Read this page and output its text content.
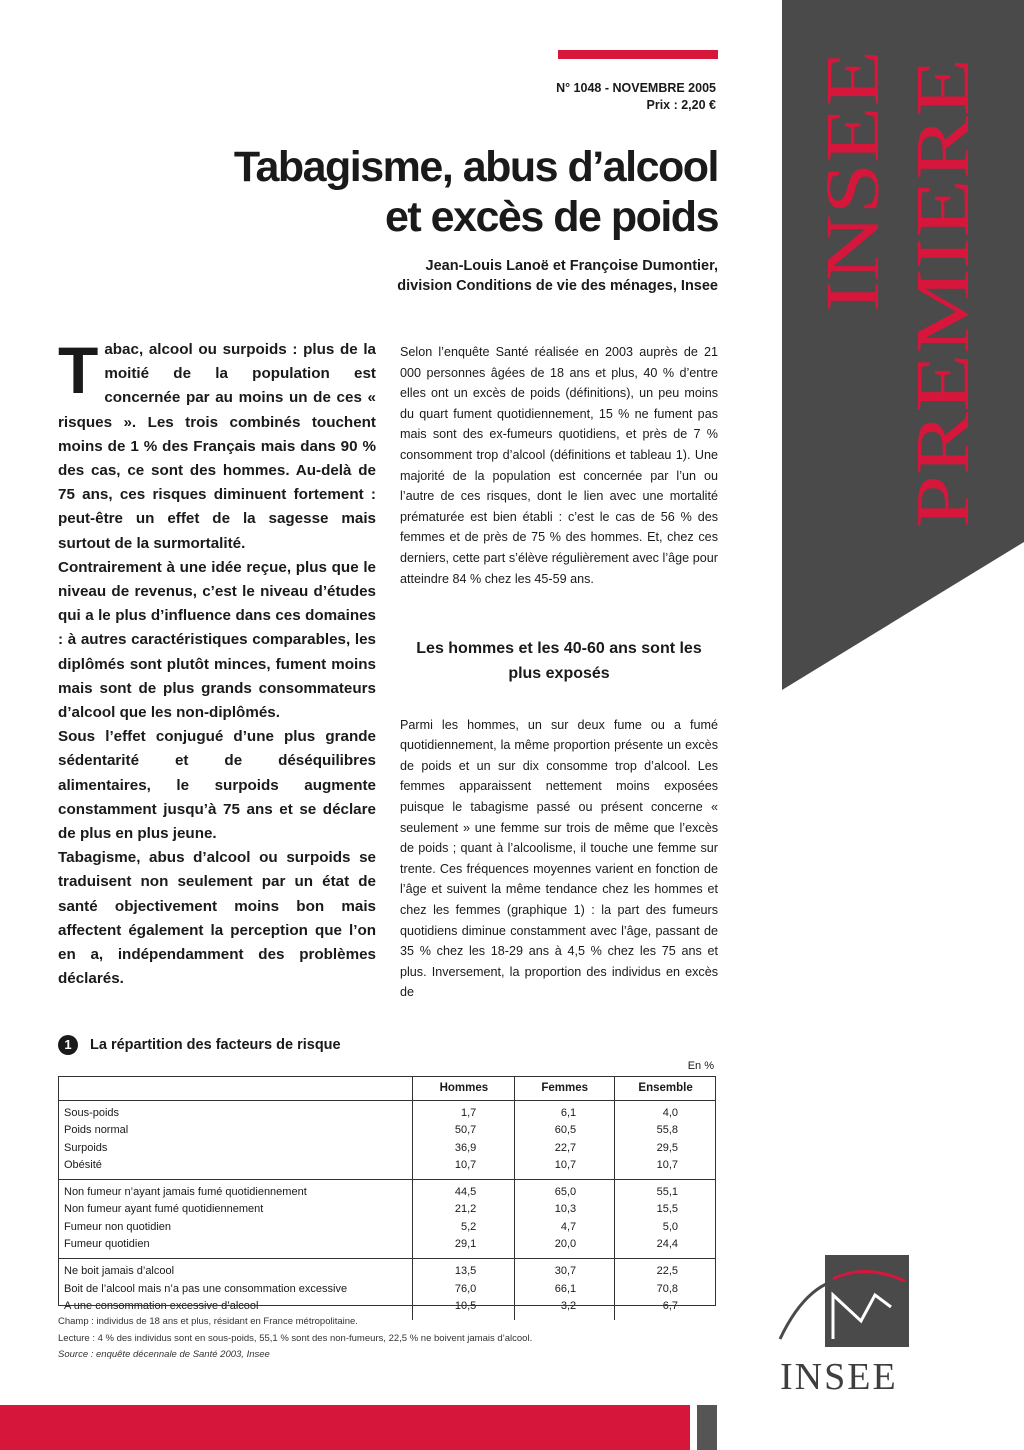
N° 1048 - NOVEMBRE 2005
Prix : 2,20 €
Tabagisme, abus d’alcool
et excès de poids
Jean-Louis Lanoë et Françoise Dumontier,
division Conditions de vie des ménages, Insee INSEE PREMIERE

Tabac, alcool ou surpoids : plus de la moitié de la population est concernée par au moins un de ces « risques ». Les trois combinés touchent moins de 1 % des Français mais dans 90 % des cas, ce sont des hommes. Au-delà de 75 ans, ces risques diminuent fortement : peut-être un effet de la sagesse mais surtout de la surmortalité.

Contrairement à une idée reçue, plus que le niveau de revenus, c’est le niveau d’études qui a le plus d’influence dans ces domaines : à autres caractéristiques comparables, les diplômés sont plutôt minces, fument moins mais sont de plus grands consommateurs d’alcool que les non-diplômés.

Sous l’effet conjugué d’une plus grande sédentarité et de déséquilibres alimentaires, le surpoids augmente constamment jusqu’à 75 ans et se déclare de plus en plus jeune.

Tabagisme, abus d’alcool ou surpoids se traduisent non seulement par un état de santé objectivement moins bon mais affectent également la perception que l’on en a, indépendamment des problèmes déclarés.

Selon l’enquête Santé réalisée en 2003 auprès de 21 000 personnes âgées de 18 ans et plus, 40 % d’entre elles ont un excès de poids (définitions), un peu moins du quart fument quotidiennement, 15 % ne fument pas mais sont des ex-fumeurs quotidiens, et près de 7 % consomment trop d’alcool (définitions et tableau 1). Une majorité de la population est concernée par l’un ou l’autre de ces risques, dont le lien avec une mortalité prématurée est bien établi : c’est le cas de 56 % des femmes et de près de 75 % des hommes. Et, chez ces derniers, cette part s’élève régulièrement avec l’âge pour atteindre 84 % chez les 45-59 ans.

Les hommes et les 40-60 ans sont les plus exposés

Parmi les hommes, un sur deux fume ou a fumé quotidiennement, la même proportion présente un excès de poids et un sur dix consomme trop d’alcool. Les femmes apparaissent nettement moins exposées puisque le tabagisme passé ou présent concerne « seulement » une femme sur trois de même que l’excès de poids ; quant à l’alcoolisme, il touche une femme sur trente. Ces fréquences moyennes varient en fonction de l’âge et suivent la même tendance chez les hommes et chez les femmes (graphique 1) : la part des fumeurs quotidiens diminue constamment avec l’âge, passant de 35 % chez les 18-29 ans à 4,5 % chez les 75 ans et plus. Inversement, la proportion des individus en excès de

1 La répartition des facteurs de risque
En %
	Hommes	Femmes	Ensemble
Sous-poids	1,7	6,1	4,0
Poids normal	50,7	60,5	55,8
Surpoids	36,9	22,7	29,5
Obésité	10,7	10,7	10,7
Non fumeur n’ayant jamais fumé quotidiennement	44,5	65,0	55,1
Non fumeur ayant fumé quotidiennement	21,2	10,3	15,5
Fumeur non quotidien	5,2	4,7	5,0
Fumeur quotidien	29,1	20,0	24,4
Ne boit jamais d’alcool	13,5	30,7	22,5
Boit de l’alcool mais n’a pas une consommation excessive	76,0	66,1	70,8
A une consommation excessive d’alcool	10,5	3,2	6,7
Champ : individus de 18 ans et plus, résidant en France métropolitaine.
Lecture : 4 % des individus sont en sous-poids, 55,1 % sont des non-fumeurs, 22,5 % ne boivent jamais d’alcool.
Source : enquête décennale de Santé 2003, Insee
INSEE
